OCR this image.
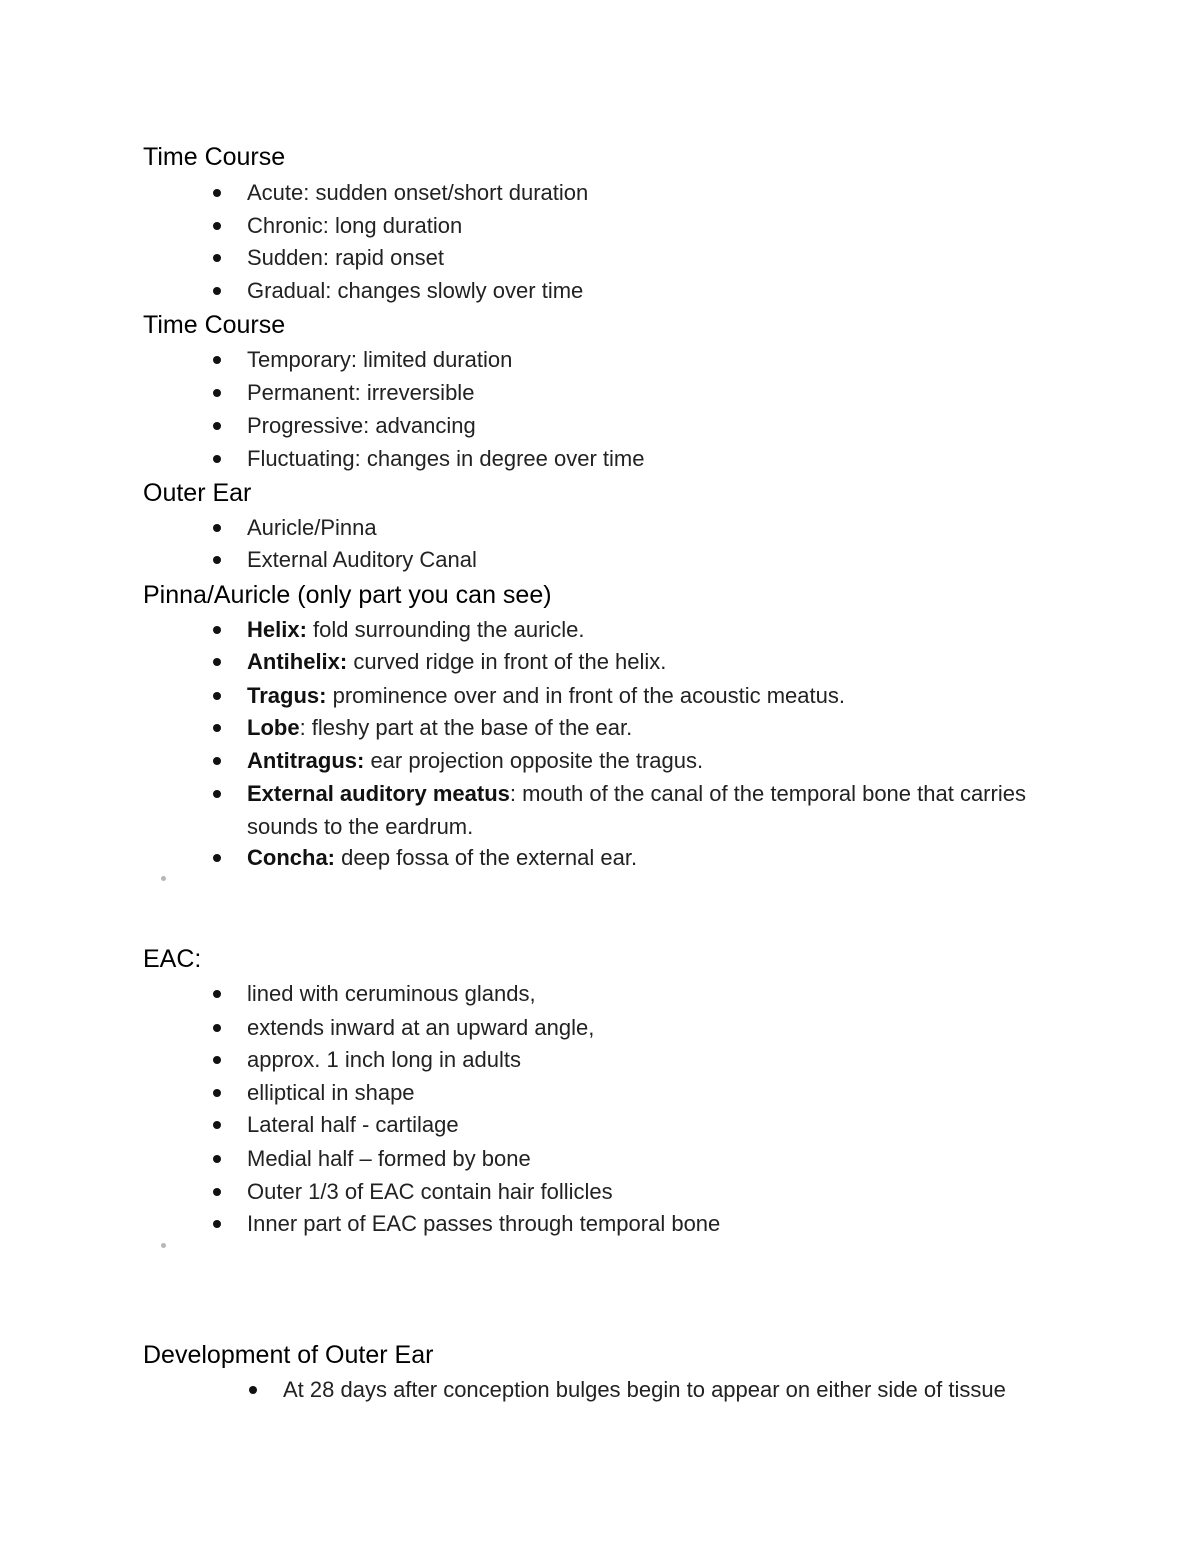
Time Course
Acute: sudden onset/short duration
Chronic: long duration
Sudden: rapid onset
Gradual: changes slowly over time
Time Course
Temporary: limited duration
Permanent: irreversible
Progressive: advancing
Fluctuating: changes in degree over time
Outer Ear
Auricle/Pinna
External Auditory Canal
Pinna/Auricle (only part you can see)
Helix: fold surrounding the auricle.
Antihelix: curved ridge in front of the helix.
Tragus: prominence over and in front of the acoustic meatus.
Lobe: fleshy part at the base of the ear.
Antitragus: ear projection opposite the tragus.
External auditory meatus: mouth of the canal of the temporal bone that carries sounds to the eardrum.
Concha: deep fossa of the external ear.
EAC:
lined with ceruminous glands,
extends inward at an upward angle,
approx. 1 inch long in adults
elliptical in shape
Lateral half - cartilage
Medial half – formed by bone
Outer 1/3 of EAC contain hair follicles
Inner part of EAC passes through temporal bone
Development of Outer Ear
At 28 days after conception bulges begin to appear on either side of tissue
